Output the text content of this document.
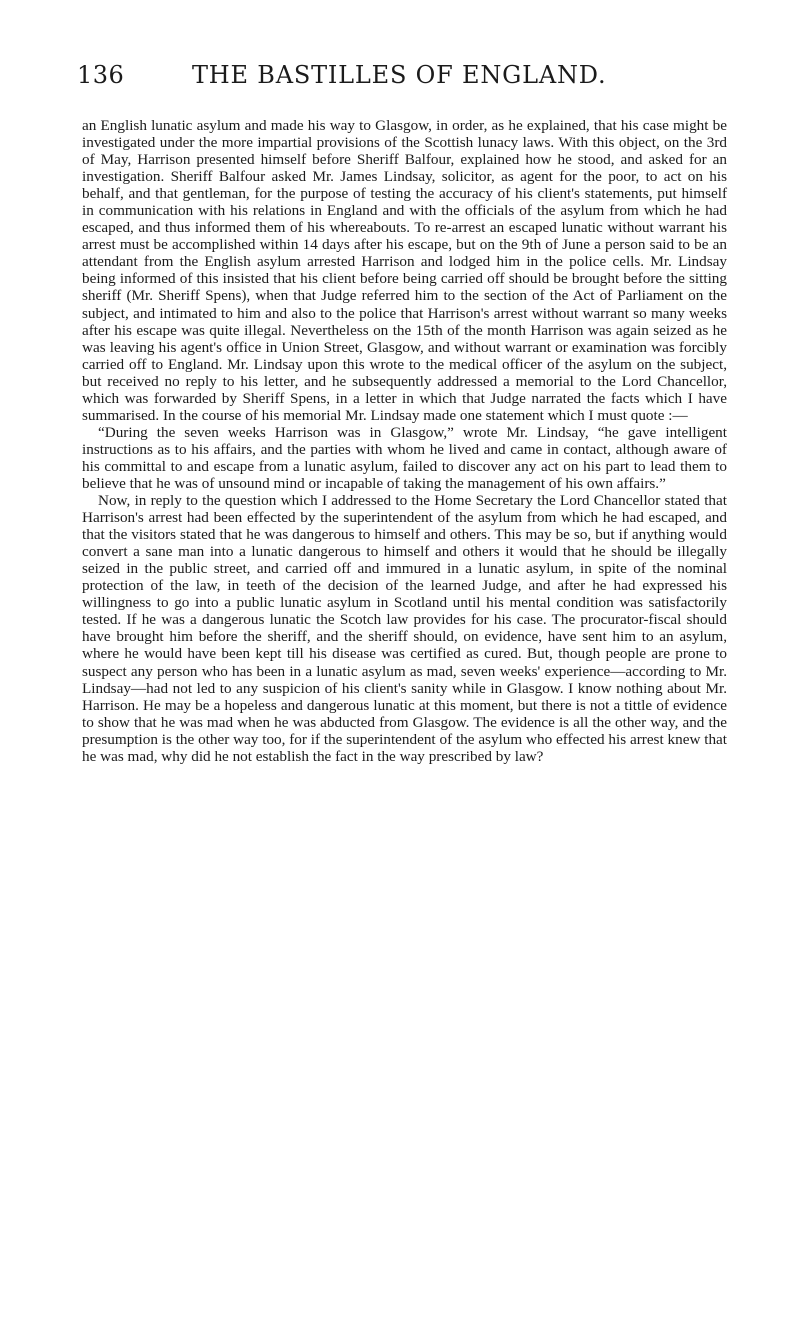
136	THE BASTILLES OF ENGLAND.

an English lunatic asylum and made his way to Glasgow, in order, as he explained, that his case might be investigated under the more impartial provisions of the Scottish lunacy laws. With this object, on the 3rd of May, Harrison presented himself before Sheriff Balfour, explained how he stood, and asked for an investigation. Sheriff Balfour asked Mr. James Lindsay, solicitor, as agent for the poor, to act on his behalf, and that gentleman, for the purpose of testing the accuracy of his client's statements, put himself in communication with his relations in England and with the officials of the asylum from which he had escaped, and thus informed them of his whereabouts. To re-arrest an escaped lunatic without warrant his arrest must be accomplished within 14 days after his escape, but on the 9th of June a person said to be an attendant from the English asylum arrested Harrison and lodged him in the police cells. Mr. Lindsay being informed of this insisted that his client before being carried off should be brought before the sitting sheriff (Mr. Sheriff Spens), when that Judge referred him to the section of the Act of Parliament on the subject, and intimated to him and also to the police that Harrison's arrest without warrant so many weeks after his escape was quite illegal. Nevertheless on the 15th of the month Harrison was again seized as he was leaving his agent's office in Union Street, Glasgow, and without warrant or examination was forcibly carried off to England. Mr. Lindsay upon this wrote to the medical officer of the asylum on the subject, but received no reply to his letter, and he subsequently addressed a memorial to the Lord Chancellor, which was forwarded by Sheriff Spens, in a letter in which that Judge narrated the facts which I have summarised. In the course of his memorial Mr. Lindsay made one statement which I must quote :—

“During the seven weeks Harrison was in Glasgow,” wrote Mr. Lindsay, “he gave intelligent instructions as to his affairs, and the parties with whom he lived and came in contact, although aware of his committal to and escape from a lunatic asylum, failed to discover any act on his part to lead them to believe that he was of unsound mind or incapable of taking the management of his own affairs.”

Now, in reply to the question which I addressed to the Home Secretary the Lord Chancellor stated that Harrison's arrest had been effected by the superintendent of the asylum from which he had escaped, and that the visitors stated that he was dangerous to himself and others. This may be so, but if anything would convert a sane man into a lunatic dangerous to himself and others it would that he should be illegally seized in the public street, and carried off and immured in a lunatic asylum, in spite of the nominal protection of the law, in teeth of the decision of the learned Judge, and after he had expressed his willingness to go into a public lunatic asylum in Scotland until his mental condition was satisfactorily tested. If he was a dangerous lunatic the Scotch law provides for his case. The procurator-fiscal should have brought him before the sheriff, and the sheriff should, on evidence, have sent him to an asylum, where he would have been kept till his disease was certified as cured. But, though people are prone to suspect any person who has been in a lunatic asylum as mad, seven weeks' experience—according to Mr. Lindsay—had not led to any suspicion of his client's sanity while in Glasgow. I know nothing about Mr. Harrison. He may be a hopeless and dangerous lunatic at this moment, but there is not a tittle of evidence to show that he was mad when he was abducted from Glasgow. The evidence is all the other way, and the presumption is the other way too, for if the superintendent of the asylum who effected his arrest knew that he was mad, why did he not establish the fact in the way prescribed by law?
